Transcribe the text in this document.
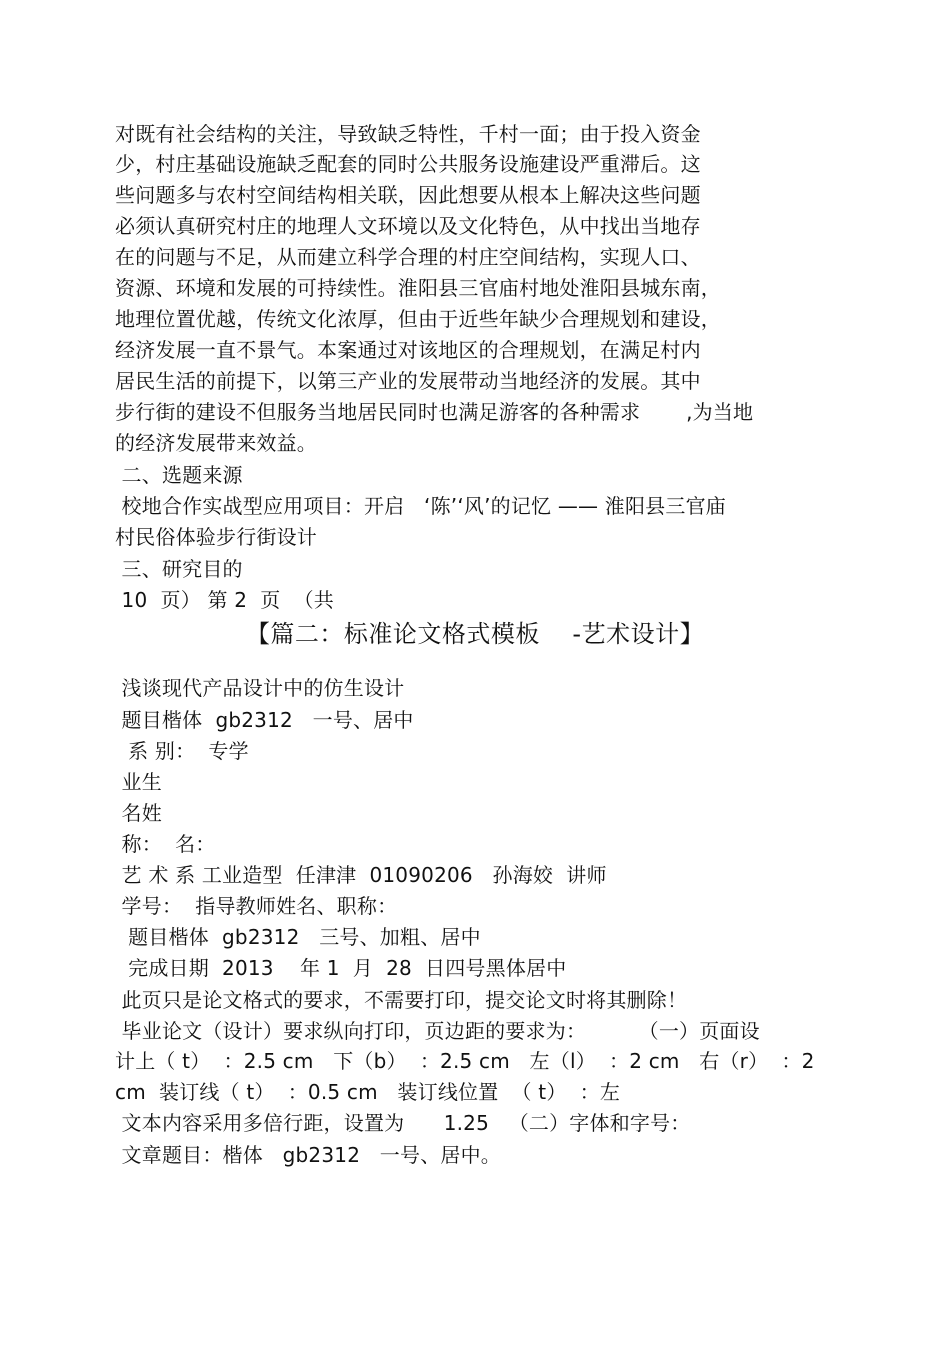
对既有社会结构的关注，导致缺乏特性，千村一面；由于投入资金
少，村庄基础设施缺乏配套的同时公共服务设施建设严重滞后。这
些问题多与农村空间结构相关联，因此想要从根本上解决这些问题
必须认真研究村庄的地理人文环境以及文化特色，从中找出当地存
在的问题与不足，从而建立科学合理的村庄空间结构，实现人口、
资源、环境和发展的可持续性。淮阳县三官庙村地处淮阳县城东南，
地理位置优越，传统文化浓厚，但由于近些年缺少合理规划和建设，
经济发展一直不景气。本案通过对该地区的合理规划，在满足村内
居民生活的前提下，以第三产业的发展带动当地经济的发展。其中
步行街的建设不但服务当地居民同时也满足游客的各种需求       ,为当地
的经济发展带来效益。
二、选题来源
校地合作实战型应用项目：开启   ‘陈’‘风’的记忆 —— 淮阳县三官庙
村民俗体验步行街设计
三、研究目的
10  页） 第 2  页  （共
【篇二：标准论文格式模板    -艺术设计】
浅谈现代产品设计中的仿生设计
题目楷体  gb2312   一号、居中
系 别：  专学
业生
名姓
称：  名：
艺 术 系 工业造型  任津津  01090206   孙海姣  讲师
学号：  指导教师姓名、职称：
题目楷体  gb2312   三号、加粗、居中
完成日期  2013    年 1  月  28  日四号黑体居中
此页只是论文格式的要求，不需要打印，提交论文时将其删除！
毕业论文（设计）要求纵向打印，页边距的要求为：        （一）页面设
计上（ t）  ：2.5 cm   下（b）  ：2.5 cm   左（l）  ：2 cm   右（r）  ：2
cm  装订线（ t）  ：0.5 cm   装订线位置  （ t）  ：左
文本内容采用多倍行距，设置为      1.25   （二）字体和字号：
文章题目：楷体   gb2312   一号、居中。
